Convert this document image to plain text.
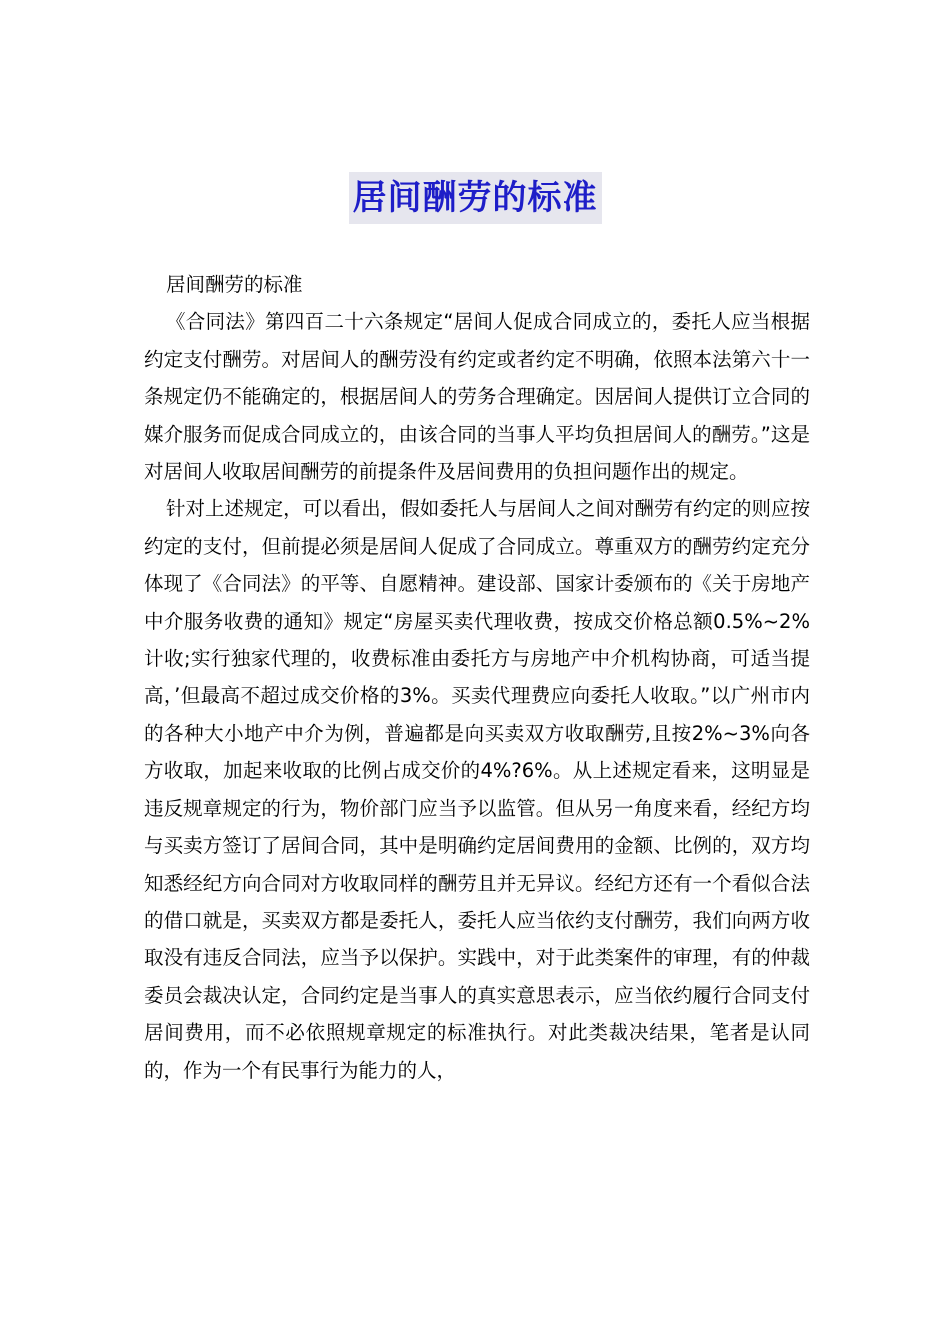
居间酬劳的标准

居间酬劳的标准

《合同法》第四百二十六条规定“居间人促成合同成立的，委托人应当根据约定支付酬劳。对居间人的酬劳没有约定或者约定不明确，依照本法第六十一条规定仍不能确定的，根据居间人的劳务合理确定。因居间人提供订立合同的媒介服务而促成合同成立的，由该合同的当事人平均负担居间人的酬劳。”这是对居间人收取居间酬劳的前提条件及居间费用的负担问题作出的规定。

针对上述规定，可以看出，假如委托人与居间人之间对酬劳有约定的则应按约定的支付，但前提必须是居间人促成了合同成立。尊重双方的酬劳约定充分体现了《合同法》的平等、自愿精神。建设部、国家计委颁布的《关于房地产中介服务收费的通知》规定“房屋买卖代理收费，按成交价格总额0.5%~2%计收;实行独家代理的，收费标准由委托方与房地产中介机构协商，可适当提高，’但最高不超过成交价格的3%。买卖代理费应向委托人收取。”以广州市内的各种大小地产中介为例，普遍都是向买卖双方收取酬劳,且按2%~3%向各方收取，加起来收取的比例占成交价的4%?6%。从上述规定看来，这明显是违反规章规定的行为，物价部门应当予以监管。但从另一角度来看，经纪方均与买卖方签订了居间合同，其中是明确约定居间费用的金额、比例的，双方均知悉经纪方向合同对方收取同样的酬劳且并无异议。经纪方还有一个看似合法的借口就是，买卖双方都是委托人，委托人应当依约支付酬劳，我们向两方收取没有违反合同法，应当予以保护。实践中，对于此类案件的审理，有的仲裁委员会裁决认定，合同约定是当事人的真实意思表示，应当依约履行合同支付居间费用，而不必依照规章规定的标准执行。对此类裁决结果，笔者是认同的，作为一个有民事行为能力的人，
